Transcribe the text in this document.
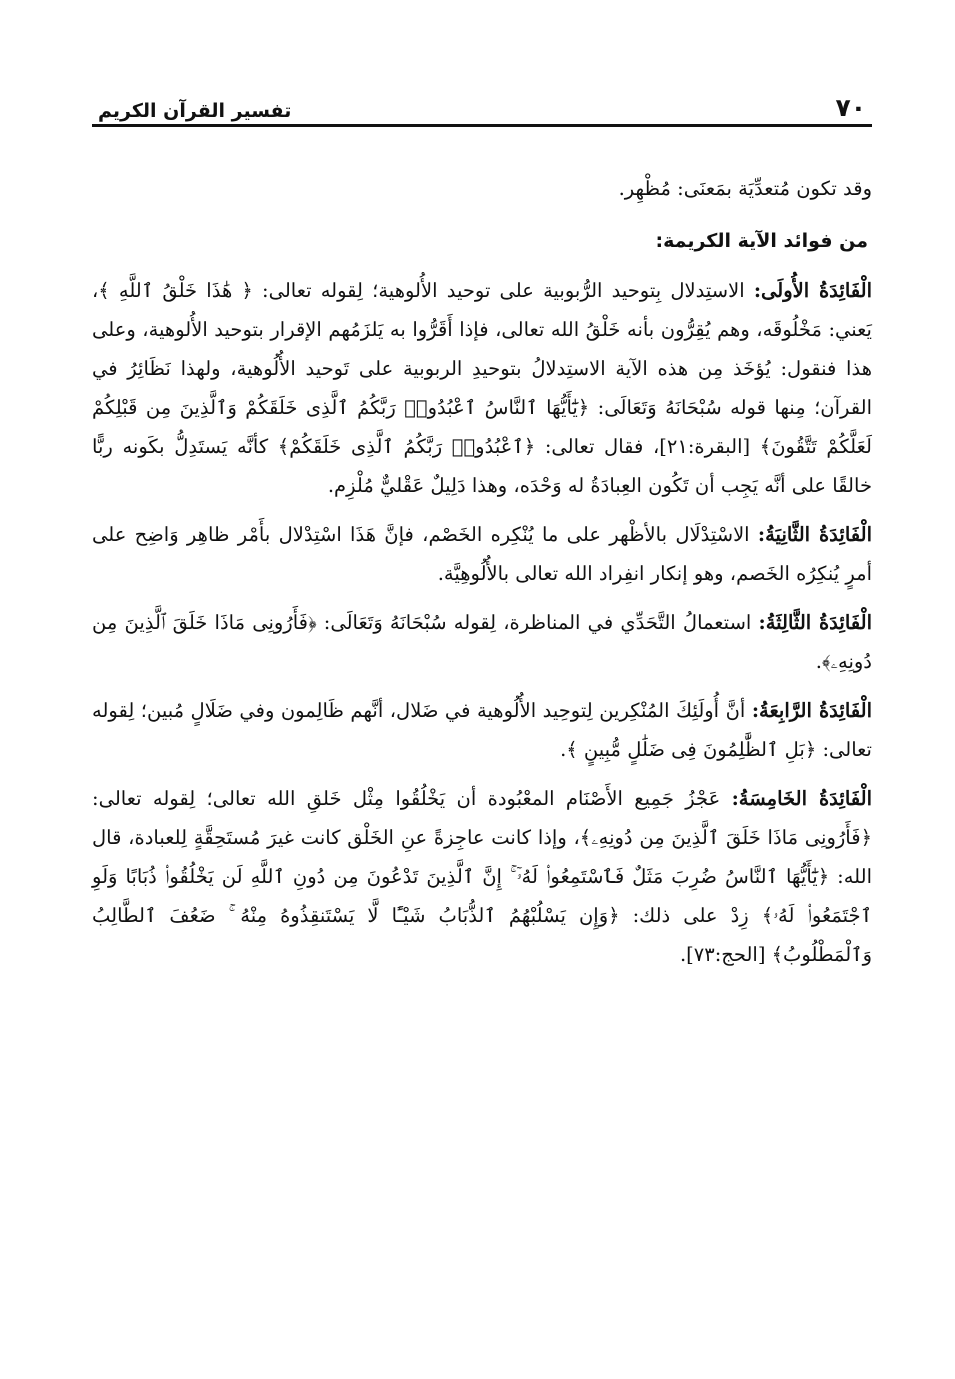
٧٠
تفسير القرآن الكريم

وقد تكون مُتعدِّيَة بمَعنَى: مُظْهِر.

من فوائد الآية الكريمة:

الْفَائِدَةُ الأُولَى: الاستِدلال بِتوحيد الرُّبوبية على توحيد الأُلوهية؛ لِقوله تعالى: ﴿ هَٰذَا خَلْقُ ٱللَّهِ ﴾، يَعني: مَخْلُوقَه، وهم يُقِرُّون بأنه خَلْقُ الله تعالى، فإذا أَقَرُّوا به يَلزَمُهم الإقرار بتوحيد الأُلوهية، وعلى هذا فنقول: يُؤخَذ مِن هذه الآية الاستِدلالُ بتوحيدِ الربوبية على تَوحيد الأُلُوهية، ولهذا نَظَائِرُ في القرآن؛ مِنها قوله سُبْحَانَهُ وَتَعَالَى: ﴿يَٰٓأَيُّهَا ٱلنَّاسُ ٱعْبُدُوا۟ رَبَّكُمُ ٱلَّذِى خَلَقَكُمْ وَٱلَّذِينَ مِن قَبْلِكُمْ لَعَلَّكُمْ تَتَّقُونَ﴾ [البقرة:٢١]، فقال تعالى: ﴿ٱعْبُدُوا۟ رَبَّكُمُ ٱلَّذِى خَلَقَكُمْ﴾ كأنَّه يَستَدِلُّ بكَونه ربًّا خالقًا على أنَّه يَجِب أن تَكُون العِبادَةُ له وَحْدَه، وهذا دَلِيلٌ عَقْليٌّ مُلْزِم.

الْفَائِدَةُ الثَّانِيَةُ: الاسْتِدْلَال بالأظْهر على ما يُنْكِره الخَصْم، فإنَّ هَذَا اسْتِدْلال بأَمْر ظاهِر وَاضِح على أمرٍ يُنكِرُه الخَصم، وهو إنكار انفِراد الله تعالى بالأُلُوهِيَّة.

الْفَائِدَةُ الثَّالِثَةُ: استعمالُ التَّحَدِّي في المناظرة، لِقوله سُبْحَانَهُ وَتَعَالَى: ﴿فَأَرُونِى مَاذَا خَلَقَ ٱلَّذِينَ مِن دُونِهِۦ﴾.

الْفَائِدَةُ الرَّابِعَةُ: أنَّ أُولَئِكَ المُنْكِرين لِتوحِيد الأُلُوهية في ضَلال، أنَّهم ظَالِمون وفي ضَلَالٍ مُبين؛ لِقوله تعالى: ﴿بَلِ ٱلظَّٰلِمُونَ فِى ضَلَٰلٍ مُّبِينٍ ﴾.

الْفَائِدَةُ الخَامِسَةُ: عَجْزُ جَمِيع الأَصْنَام المعْبُودة أن يَخْلُقُوا مِثْل خَلقِ الله تعالى؛ لِقوله تعالى: ﴿فَأَرُونِى مَاذَا خَلَقَ ٱلَّذِينَ مِن دُونِهِۦ﴾، وإذا كانت عاجِزةً عنِ الخَلْق كانت غيرَ مُستَحِقَّةٍ لِلعبادة، قال الله: ﴿يَٰٓأَيُّهَا ٱلنَّاسُ ضُرِبَ مَثَلٌ فَٱسْتَمِعُوا۟ لَهُۥٓ ۚ إِنَّ ٱلَّذِينَ تَدْعُونَ مِن دُونِ ٱللَّهِ لَن يَخْلُقُوا۟ ذُبَابًا وَلَوِ ٱجْتَمَعُوا۟ لَهُۥ﴾ زِدْ على ذلك: ﴿وَإِن يَسْلُبْهُمُ ٱلذُّبَابُ شَيْـًٔا لَّا يَسْتَنقِذُوهُ مِنْهُ ۚ ضَعُفَ ٱلطَّالِبُ وَٱلْمَطْلُوبُ﴾ [الحج:٧٣].
